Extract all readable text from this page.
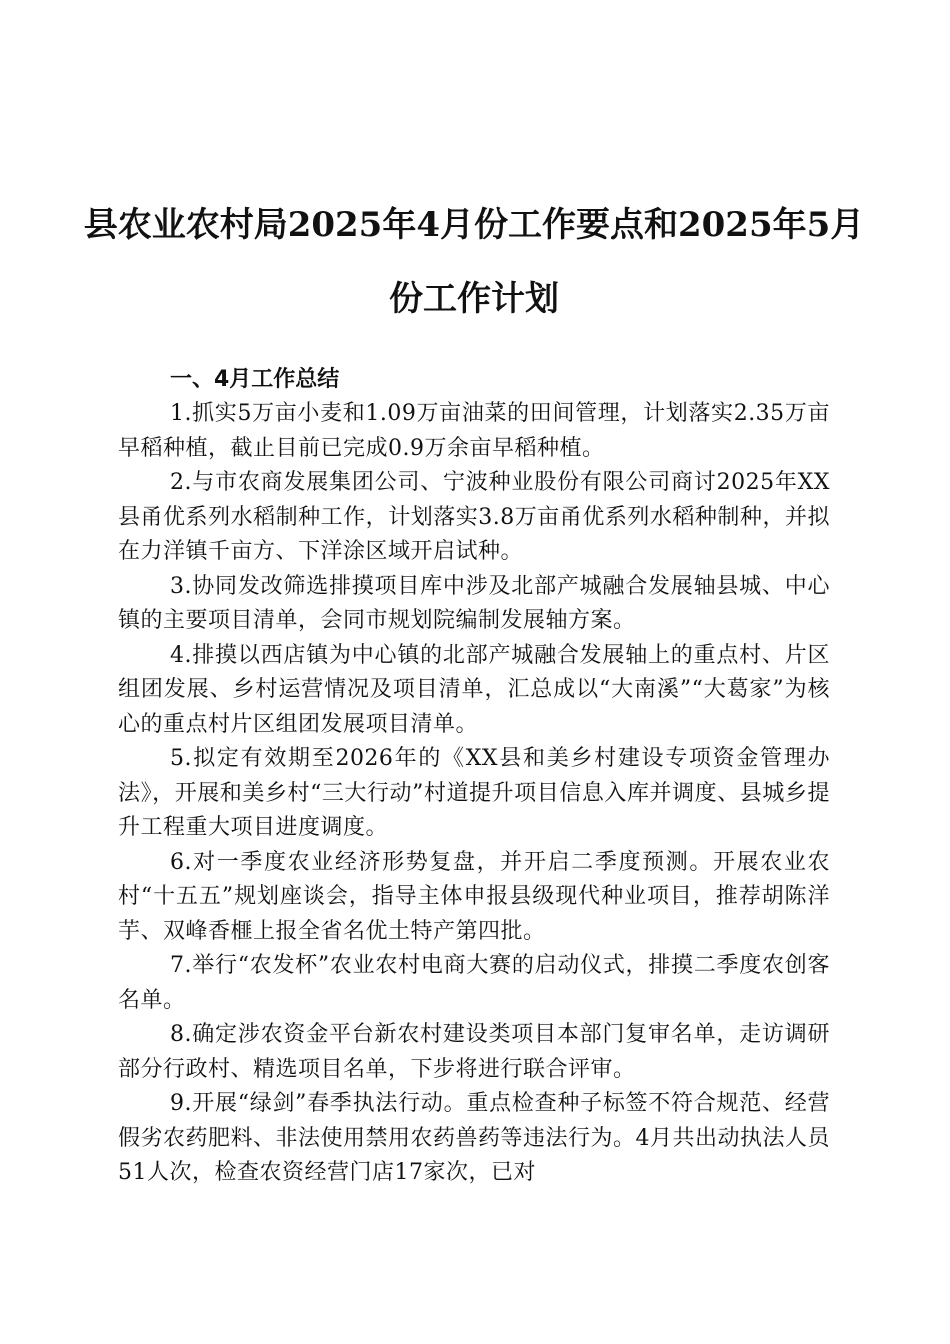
县农业农村局2025年4月份工作要点和2025年5月份工作计划
一、4月工作总结

1.抓实5万亩小麦和1.09万亩油菜的田间管理，计划落实2.35万亩早稻种植，截止目前已完成0.9万余亩早稻种植。

2.与市农商发展集团公司、宁波种业股份有限公司商讨2025年XX县甬优系列水稻制种工作，计划落实3.8万亩甬优系列水稻种制种，并拟在力洋镇千亩方、下洋涂区域开启试种。

3.协同发改筛选排摸项目库中涉及北部产城融合发展轴县城、中心镇的主要项目清单，会同市规划院编制发展轴方案。

4.排摸以西店镇为中心镇的北部产城融合发展轴上的重点村、片区组团发展、乡村运营情况及项目清单，汇总成以“大南溪”“大葛家”为核心的重点村片区组团发展项目清单。

5.拟定有效期至2026年的《XX县和美乡村建设专项资金管理办法》，开展和美乡村“三大行动”村道提升项目信息入库并调度、县城乡提升工程重大项目进度调度。

6.对一季度农业经济形势复盘，并开启二季度预测。开展农业农村“十五五”规划座谈会，指导主体申报县级现代种业项目，推荐胡陈洋芋、双峰香榧上报全省名优土特产第四批。

7.举行“农发杯”农业农村电商大赛的启动仪式，排摸二季度农创客名单。

8.确定涉农资金平台新农村建设类项目本部门复审名单，走访调研部分行政村、精选项目名单，下步将进行联合评审。

9.开展“绿剑”春季执法行动。重点检查种子标签不符合规范、经营假劣农药肥料、非法使用禁用农药兽药等违法行为。4月共出动执法人员51人次，检查农资经营门店17家次，已对
